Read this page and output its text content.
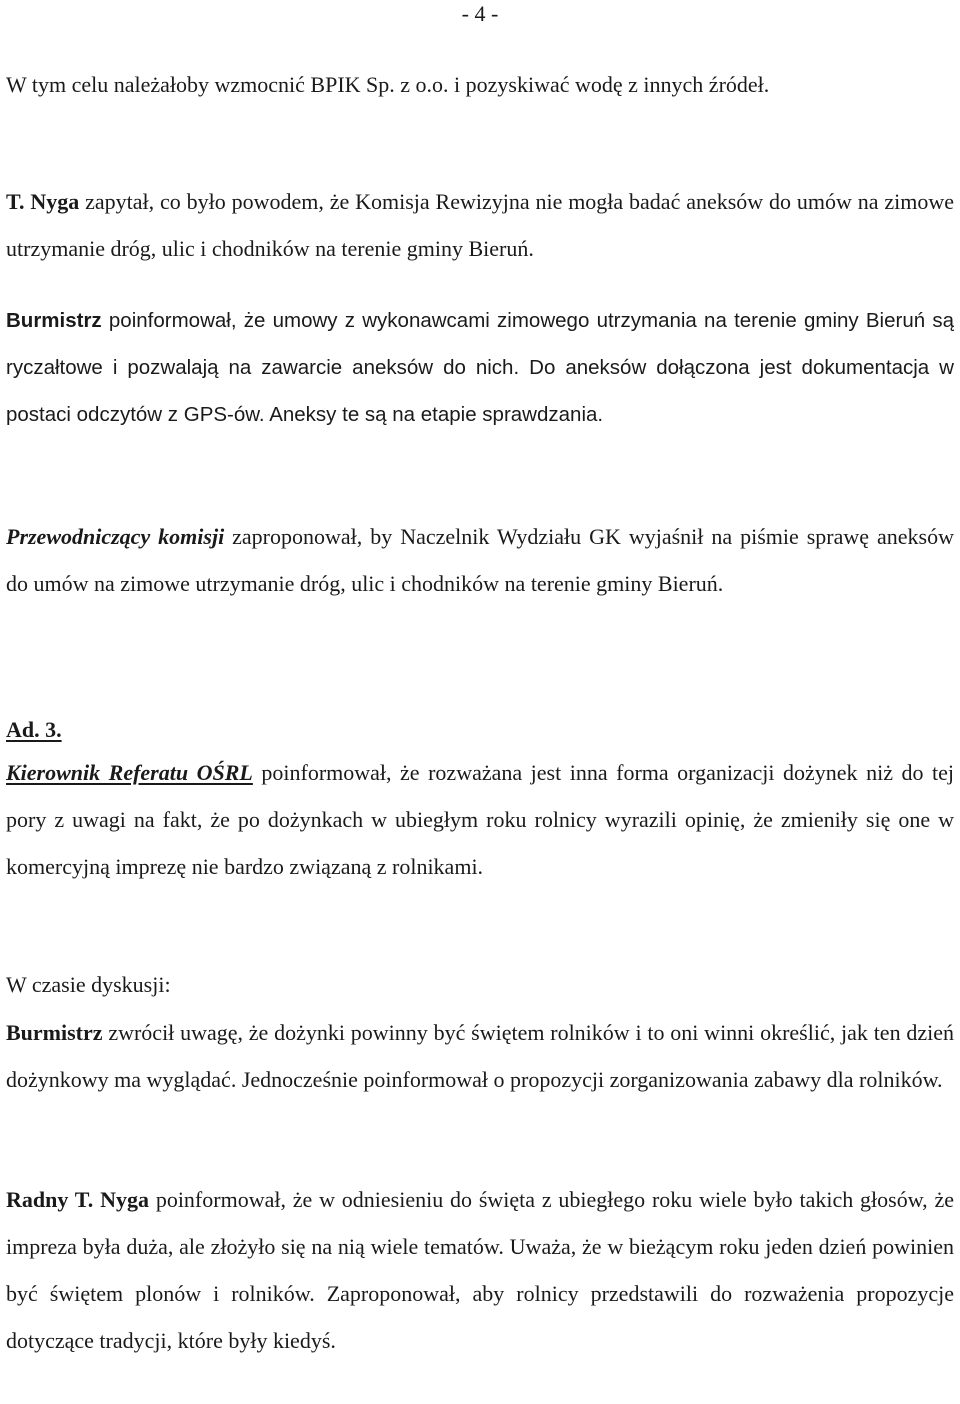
- 4 -

W tym celu należałoby wzmocnić BPIK Sp. z o.o. i pozyskiwać wodę z innych źródeł.

T. Nyga zapytał, co było powodem, że Komisja Rewizyjna nie mogła badać aneksów do umów na zimowe utrzymanie dróg, ulic i chodników na terenie gminy Bieruń.

Burmistrz poinformował, że umowy z wykonawcami zimowego utrzymania na terenie gminy Bieruń są ryczałtowe i pozwalają na zawarcie aneksów do nich. Do aneksów dołączona jest dokumentacja w postaci odczytów z GPS-ów. Aneksy te są na etapie sprawdzania.

Przewodniczący komisji zaproponował, by Naczelnik Wydziału GK wyjaśnił na piśmie sprawę aneksów do umów na zimowe utrzymanie dróg, ulic i chodników na terenie gminy Bieruń.

Ad. 3.

Kierownik Referatu OŚRL poinformował, że rozważana jest inna forma organizacji dożynek niż do tej pory z uwagi na fakt, że po dożynkach w ubiegłym roku rolnicy wyrazili opinię, że zmieniły się one w komercyjną imprezę nie bardzo związaną z rolnikami.

W czasie dyskusji:

Burmistrz zwrócił uwagę, że dożynki powinny być świętem rolników i to oni winni określić, jak ten dzień dożynkowy ma wyglądać. Jednocześnie poinformował o propozycji zorganizowania zabawy dla rolników.

Radny T. Nyga poinformował, że w odniesieniu do święta z ubiegłego roku wiele było takich głosów, że impreza była duża, ale złożyło się na nią wiele tematów. Uważa, że w bieżącym roku jeden dzień powinien być świętem plonów i rolników. Zaproponował, aby rolnicy przedstawili do rozważenia propozycje dotyczące tradycji, które były kiedyś.
